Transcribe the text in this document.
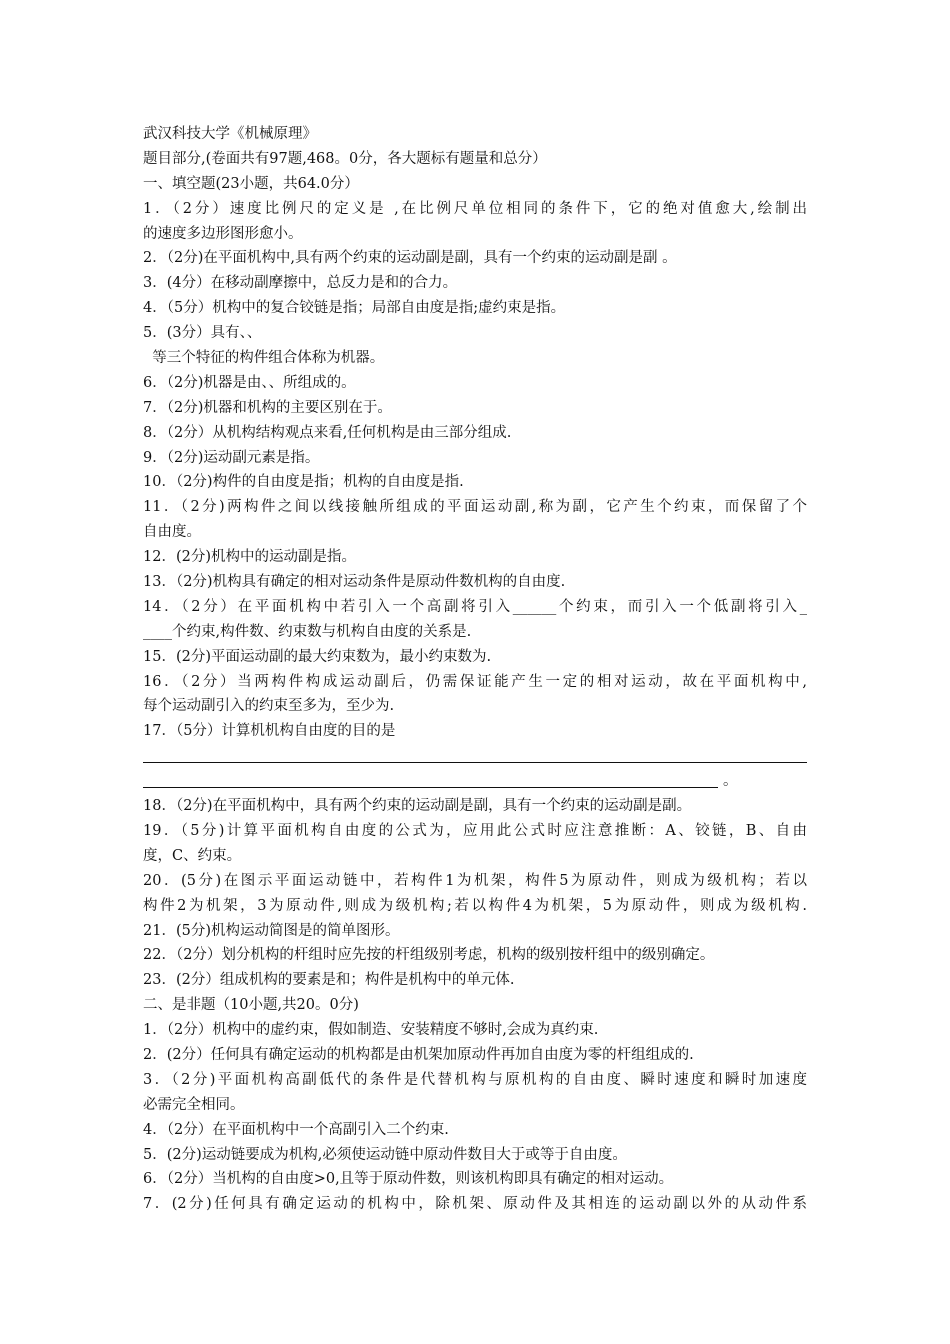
武汉科技大学《机械原理》
题目部分,(卷面共有97题,468。0分，各大题标有题量和总分）
一、填空题(23小题，共64.0分）
1．（2分）速度比例尺的定义是 ,在比例尺单位相同的条件下，它的绝对值愈大,绘制出
的速度多边形图形愈小。
2．（2分)在平面机构中,具有两个约束的运动副是副，具有一个约束的运动副是副 。
3．(4分）在移动副摩擦中，总反力是和的合力。
4．（5分）机构中的复合铰链是指；局部自由度是指;虚约束是指。
5．(3分）具有、、
等三个特征的构件组合体称为机器。
6．（2分)机器是由、、所组成的。
7．（2分)机器和机构的主要区别在于。
8．（2分）从机构结构观点来看,任何机构是由三部分组成.
9．（2分)运动副元素是指。
10．（2分)构件的自由度是指；机构的自由度是指.
11．（2分)两构件之间以线接触所组成的平面运动副,称为副，它产生个约束，而保留了个
自由度。
12．(2分)机构中的运动副是指。
13．（2分)机构具有确定的相对运动条件是原动件数机构的自由度.
14．（2分）在平面机构中若引入一个高副将引入______个约束，而引入一个低副将引入_
____个约束,构件数、约束数与机构自由度的关系是.
15．(2分)平面运动副的最大约束数为，最小约束数为.
16．（2分）当两构件构成运动副后，仍需保证能产生一定的相对运动，故在平面机构中,
每个运动副引入的约束至多为，至少为.
17．（5分）计算机机构自由度的目的是
。
18．（2分)在平面机构中，具有两个约束的运动副是副，具有一个约束的运动副是副。
19．（5分)计算平面机构自由度的公式为，应用此公式时应注意推断：A、铰链，B、自由
度，C、约束。
20．(5分)在图示平面运动链中，若构件1为机架，构件5为原动件，则成为级机构；若以
构件2为机架，3为原动件,则成为级机构;若以构件4为机架，5为原动件，则成为级机构.
21．(5分)机构运动简图是的简单图形。
22．（2分）划分机构的杆组时应先按的杆组级别考虑，机构的级别按杆组中的级别确定。
23．(2分）组成机构的要素是和；构件是机构中的单元体.
二、是非题（10小题,共20。0分)
1．（2分）机构中的虚约束，假如制造、安装精度不够时,会成为真约束.
2．(2分）任何具有确定运动的机构都是由机架加原动件再加自由度为零的杆组组成的.
3．（2分)平面机构高副低代的条件是代替机构与原机构的自由度、瞬时速度和瞬时加速度
必需完全相同。
4．（2分）在平面机构中一个高副引入二个约束.
5．(2分)运动链要成为机构,必须使运动链中原动件数目大于或等于自由度。
6．（2分）当机构的自由度>0,且等于原动件数，则该机构即具有确定的相对运动。
7．(2分)任何具有确定运动的机构中，除机架、原动件及其相连的运动副以外的从动件系
